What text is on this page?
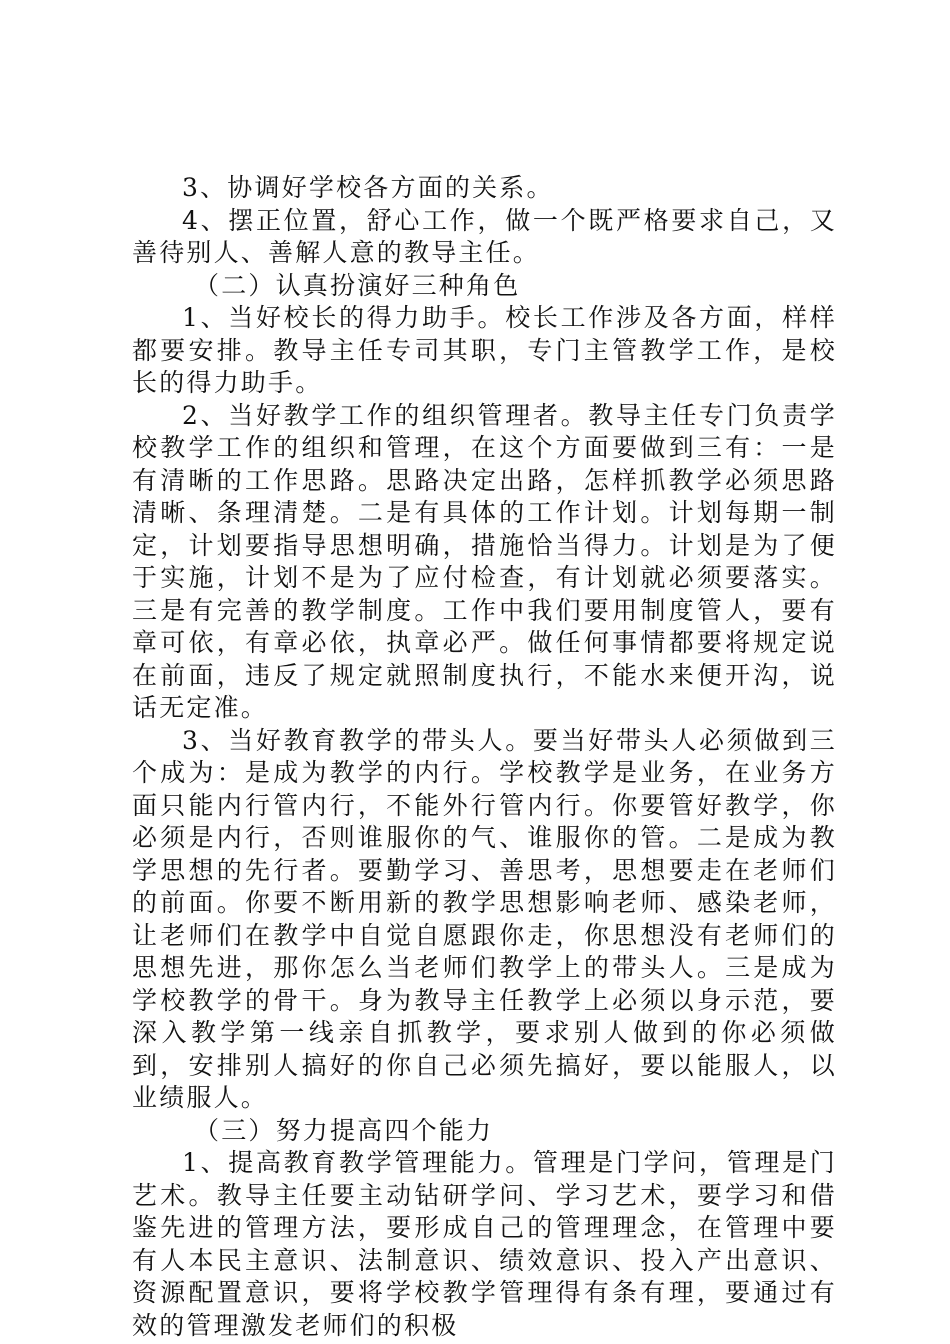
3、协调好学校各方面的关系。

4、摆正位置，舒心工作，做一个既严格要求自己，又善待别人、善解人意的教导主任。

（二）认真扮演好三种角色

1、当好校长的得力助手。校长工作涉及各方面，样样都要安排。教导主任专司其职，专门主管教学工作，是校长的得力助手。

2、当好教学工作的组织管理者。教导主任专门负责学校教学工作的组织和管理，在这个方面要做到三有：一是有清晰的工作思路。思路决定出路，怎样抓教学必须思路清晰、条理清楚。二是有具体的工作计划。计划每期一制定，计划要指导思想明确，措施恰当得力。计划是为了便于实施，计划不是为了应付检查，有计划就必须要落实。三是有完善的教学制度。工作中我们要用制度管人，要有章可依，有章必依，执章必严。做任何事情都要将规定说在前面，违反了规定就照制度执行，不能水来便开沟，说话无定准。

3、当好教育教学的带头人。要当好带头人必须做到三个成为：是成为教学的内行。学校教学是业务，在业务方面只能内行管内行，不能外行管内行。你要管好教学，你必须是内行，否则谁服你的气、谁服你的管。二是成为教学思想的先行者。要勤学习、善思考，思想要走在老师们的前面。你要不断用新的教学思想影响老师、感染老师，让老师们在教学中自觉自愿跟你走，你思想没有老师们的思想先进，那你怎么当老师们教学上的带头人。三是成为学校教学的骨干。身为教导主任教学上必须以身示范，要深入教学第一线亲自抓教学，要求别人做到的你必须做到，安排别人搞好的你自己必须先搞好，要以能服人，以业绩服人。

（三）努力提高四个能力

1、提高教育教学管理能力。管理是门学问，管理是门艺术。教导主任要主动钻研学问、学习艺术，要学习和借鉴先进的管理方法，要形成自己的管理理念，在管理中要有人本民主意识、法制意识、绩效意识、投入产出意识、资源配置意识，要将学校教学管理得有条有理，要通过有效的管理激发老师们的积极
